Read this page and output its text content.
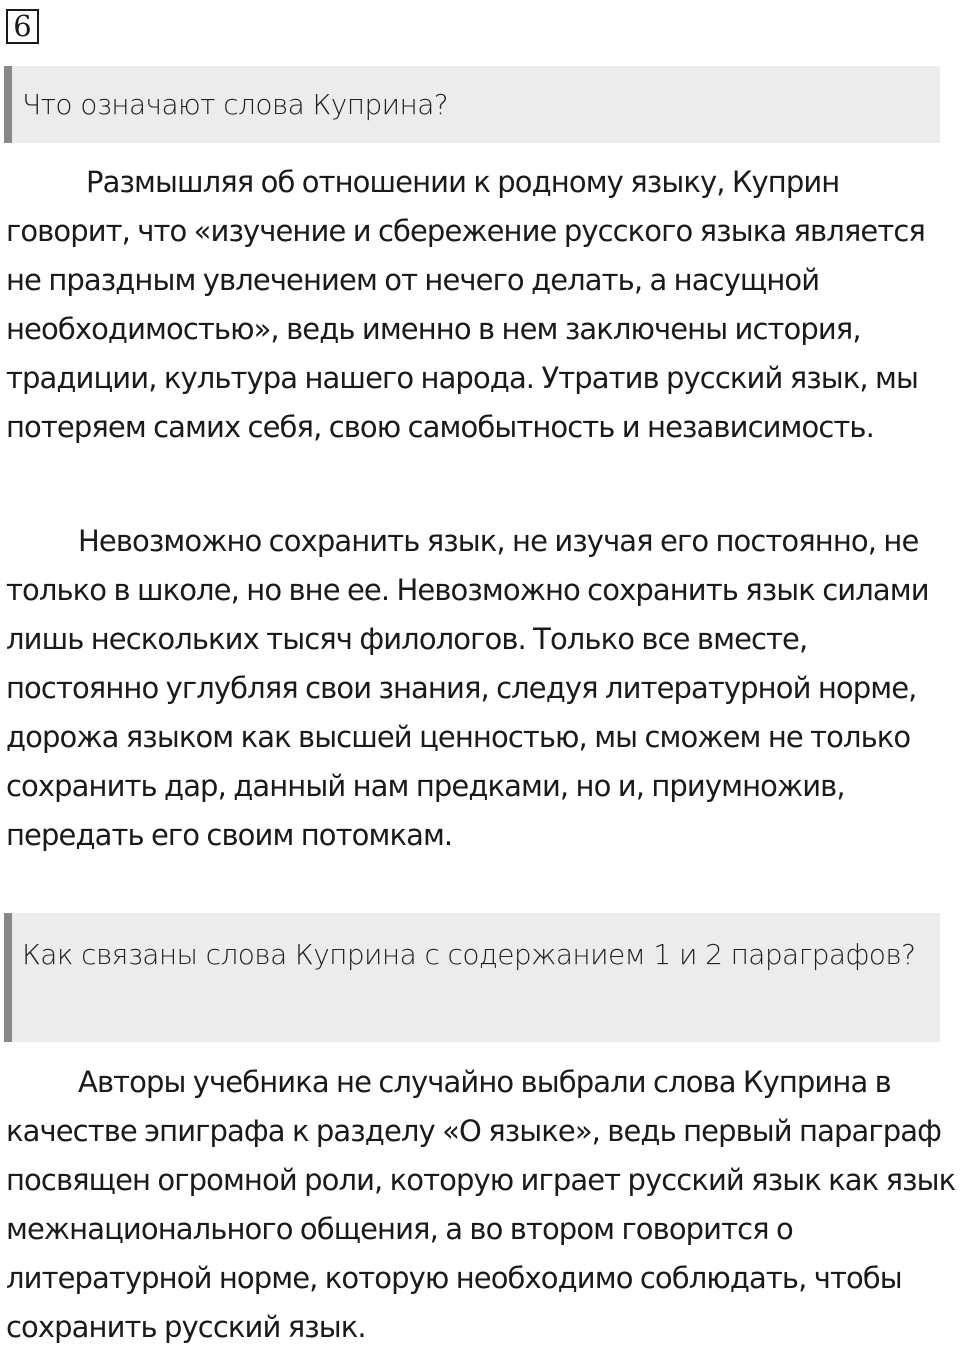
6
Что означают слова Куприна?

Размышляя об отношении к родному языку, Куприн говорит, что «изучение и сбережение русского языка является не праздным увлечением от нечего делать, а насущной необходимостью», ведь именно в нем заключены история, традиции, культура нашего народа. Утратив русский язык, мы потеряем самих себя, свою самобытность и независимость.

Невозможно сохранить язык, не изучая его постоянно, не только в школе, но вне ее. Невозможно сохранить язык силами лишь нескольких тысяч филологов. Только все вместе, постоянно углубляя свои знания, следуя литературной норме, дорожа языком как высшей ценностью, мы сможем не только сохранить дар, данный нам предками, но и, приумножив, передать его своим потомкам.

Как связаны слова Куприна с содержанием 1 и 2 параграфов?

Авторы учебника не случайно выбрали слова Куприна в качестве эпиграфа к разделу «О языке», ведь первый параграф посвящен огромной роли, которую играет русский язык как язык межнационального общения, а во втором говорится о литературной норме, которую необходимо соблюдать, чтобы сохранить русский язык.
